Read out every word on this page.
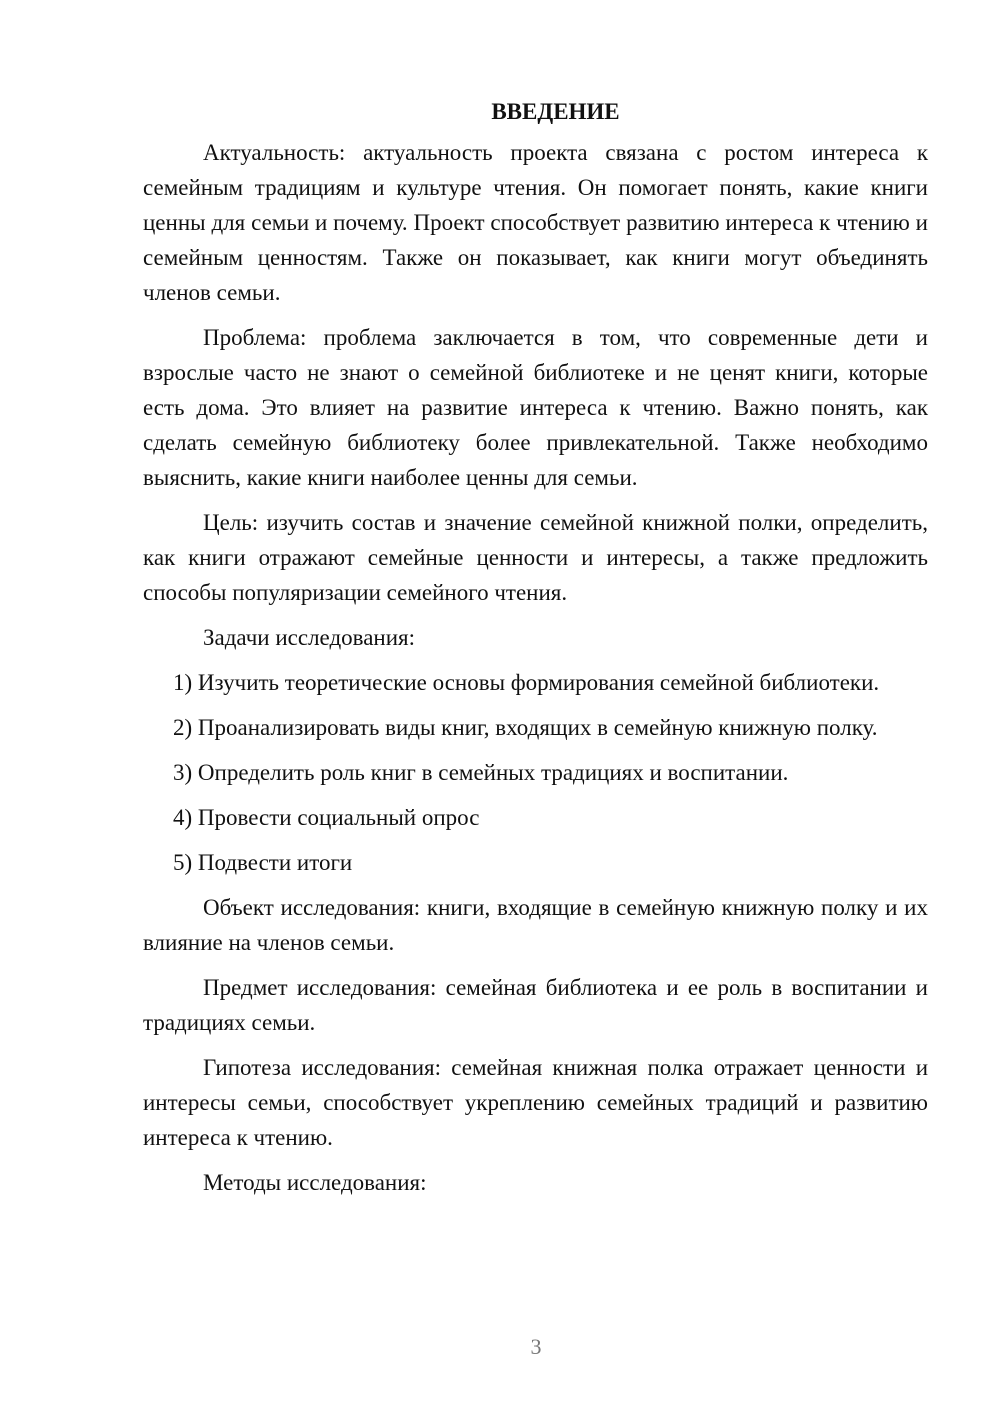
ВВЕДЕНИЕ

Актуальность: актуальность проекта связана с ростом интереса к семейным традициям и культуре чтения. Он помогает понять, какие книги ценны для семьи и почему. Проект способствует развитию интереса к чтению и семейным ценностям. Также он показывает, как книги могут объединять членов семьи.

Проблема: проблема заключается в том, что современные дети и взрослые часто не знают о семейной библиотеке и не ценят книги, которые есть дома. Это влияет на развитие интереса к чтению. Важно понять, как сделать семейную библиотеку более привлекательной. Также необходимо выяснить, какие книги наиболее ценны для семьи.

Цель: изучить состав и значение семейной книжной полки, определить, как книги отражают семейные ценности и интересы, а также предложить способы популяризации семейного чтения.

Задачи исследования:

1) Изучить теоретические основы формирования семейной библиотеки.

2) Проанализировать виды книг, входящих в семейную книжную полку.

3) Определить роль книг в семейных традициях и воспитании.

4) Провести социальный опрос

5) Подвести итоги

Объект исследования: книги, входящие в семейную книжную полку и их влияние на членов семьи.

Предмет исследования: семейная библиотека и ее роль в воспитании и традициях семьи.

Гипотеза исследования: семейная книжная полка отражает ценности и интересы семьи, способствует укреплению семейных традиций и развитию интереса к чтению.

Методы исследования:

3
